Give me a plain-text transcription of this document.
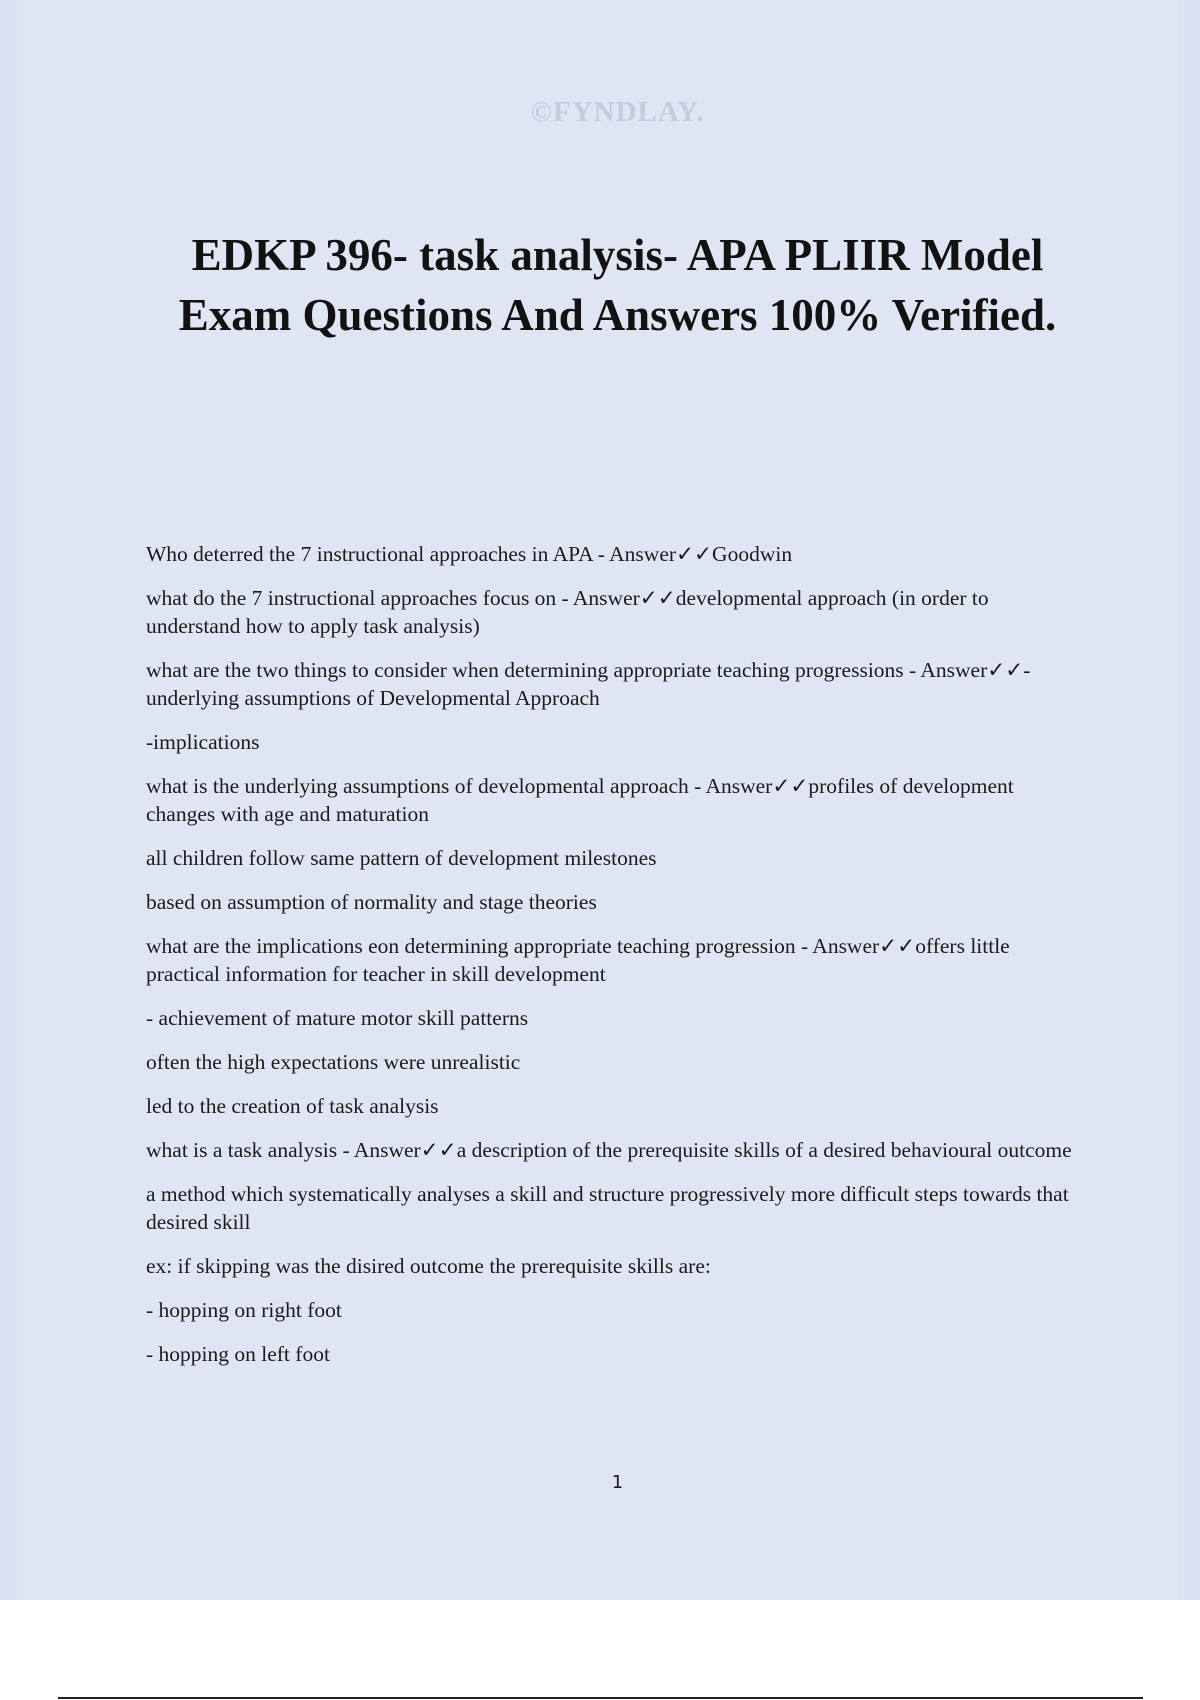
©FYNDLAY.
EDKP 396- task analysis- APA PLIIR Model Exam Questions And Answers 100% Verified.

Who deterred the 7 instructional approaches in APA - Answer✓✓Goodwin

what do the 7 instructional approaches focus on - Answer✓✓developmental approach (in order to understand how to apply task analysis)

what are the two things to consider when determining appropriate teaching progressions - Answer✓✓- underlying assumptions of Developmental Approach

-implications

what is the underlying assumptions of developmental approach - Answer✓✓profiles of development changes with age and maturation

all children follow same pattern of development milestones

based on assumption of normality and stage theories

what are the implications eon determining appropriate teaching progression - Answer✓✓offers little practical information for teacher in skill development

- achievement of mature motor skill patterns

often the high expectations were unrealistic

led to the creation of task analysis

what is a task analysis - Answer✓✓a description of the prerequisite skills of a desired behavioural outcome

a method which systematically analyses a skill and structure progressively more difficult steps towards that desired skill

ex: if skipping was the disired outcome the prerequisite skills are:

- hopping on right foot

- hopping on left foot

1
